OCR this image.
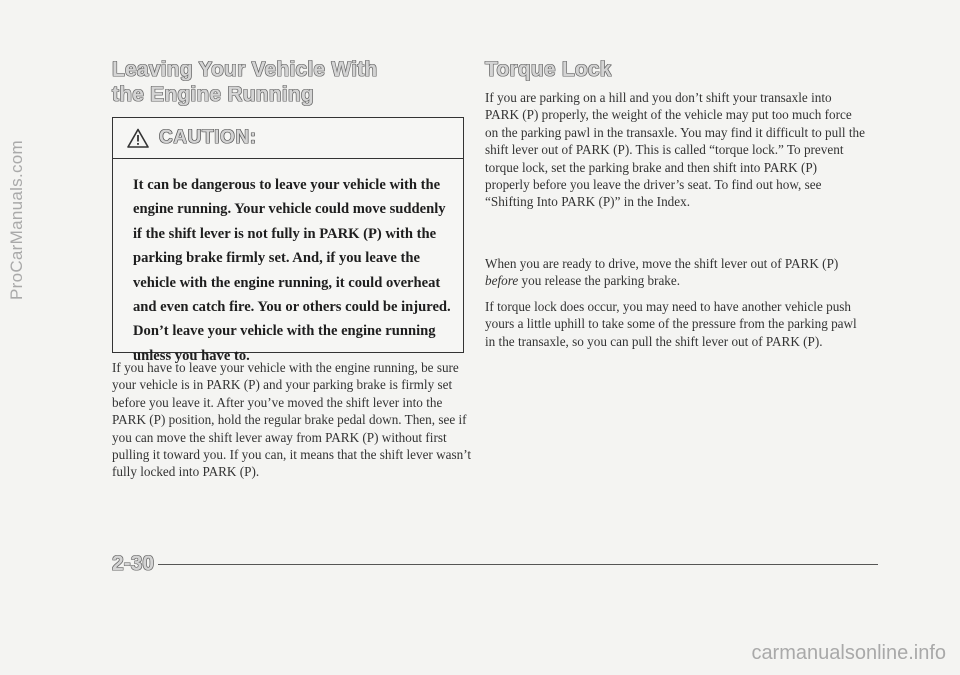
ProCarManuals.com
Leaving Your Vehicle With the Engine Running
CAUTION:

It can be dangerous to leave your vehicle with the engine running. Your vehicle could move suddenly if the shift lever is not fully in PARK (P) with the parking brake firmly set. And, if you leave the vehicle with the engine running, it could overheat and even catch fire. You or others could be injured. Don’t leave your vehicle with the engine running unless you have to.

If you have to leave your vehicle with the engine running, be sure your vehicle is in PARK (P) and your parking brake is firmly set before you leave it. After you’ve moved the shift lever into the PARK (P) position, hold the regular brake pedal down. Then, see if you can move the shift lever away from PARK (P) without first pulling it toward you. If you can, it means that the shift lever wasn’t fully locked into PARK (P).

Torque Lock

If you are parking on a hill and you don’t shift your transaxle into PARK (P) properly, the weight of the vehicle may put too much force on the parking pawl in the transaxle. You may find it difficult to pull the shift lever out of PARK (P). This is called “torque lock.” To prevent torque lock, set the parking brake and then shift into PARK (P) properly before you leave the driver’s seat. To find out how, see “Shifting Into PARK (P)” in the Index.

When you are ready to drive, move the shift lever out of PARK (P) before you release the parking brake.

If torque lock does occur, you may need to have another vehicle push yours a little uphill to take some of the pressure from the parking pawl in the transaxle, so you can pull the shift lever out of PARK (P).

2-30
carmanualsonline.info
